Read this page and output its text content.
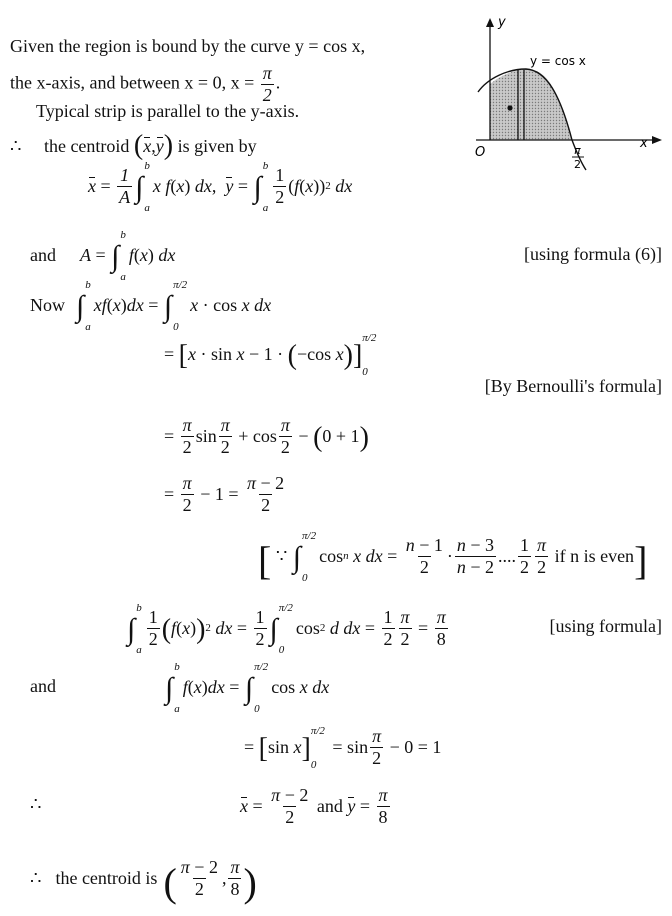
Given the region is bound by the curve y = cos x,
the x-axis, and between x = 0, $x = \frac{\pi}{2}$ .
Typical strip is parallel to the y-axis.
∴ the centroid (x,y) is given by
$x = \frac{1}{A}$ ∫
b
a
x f ( x ) dx , y = ∫
b
a
$\frac{1}{2}$ ( f ( x )) 2
dx
y
x
O
y = cos x
π
2
and A = ∫
b
a
f ( x ) dx	[using formula (6)]
Now ∫
b
a
xf ( x ) dx = ∫
π/2
0
x · cos x
dx
= [ x · sin x − 1 · ( −cos x ) ]
π/2
0
[By Bernoulli's formula]
= $\frac{\pi}{2}$ $\sin \frac{\pi}{2} + \cos \frac{\pi}{2}$ − ( 0 + 1 )
= $\frac{\pi}{2} - 1 = \frac{\pi - 2}{2}$
[ ∵ ∫
π/2
0
cos n
x
dx = $\frac{n - 1}{2} \cdot \frac{n - 3}{n - 2}$ .... $\frac{1}{2} \frac{\pi}{2}$
if n is even ]
∫
b
a
$\frac{1}{2}$ ( f ( x ) ) 2
dx = $\frac{1}{2}$ ∫
π/2
0
cos 2
d
dx = $\frac{1}{2} \frac{\pi}{2} = \frac{\pi}{8}$	[using formula]
and	∫
b
a
f ( x ) dx = ∫
π/2
0
cos x
dx
= [ sin x ]
π/2
0
= $\sin \frac{\pi}{2} - 0 = 1$
∴	$x = \frac{\pi - 2}{2}$ and $y = \frac{\pi}{8}$
∴ the centroid is ( $\frac{\pi - 2}{2}$ , $\frac{\pi}{8}$ )
